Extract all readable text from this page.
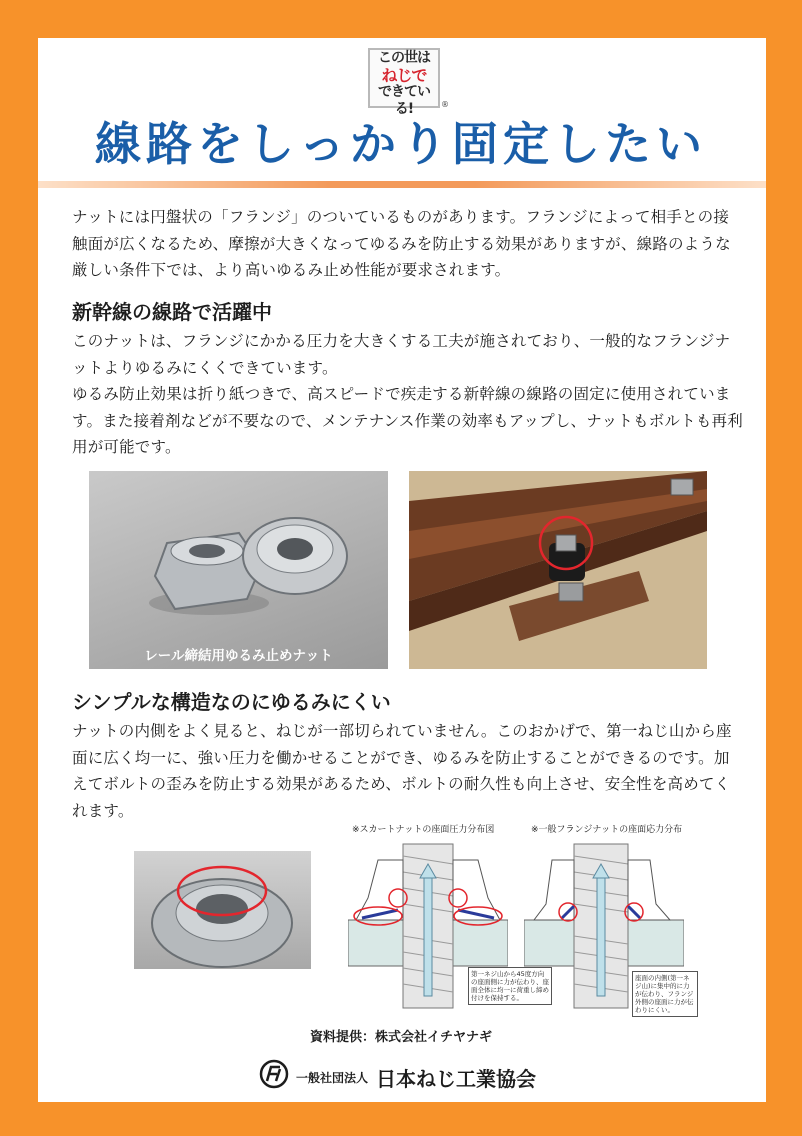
この世は
ねじで
できている!	®
線路をしっかり固定したい

ナットには円盤状の「フランジ」のついているものがあります。フランジによって相手との接触面が広くなるため、摩擦が大きくなってゆるみを防止する効果がありますが、線路のような厳しい条件下では、より高いゆるみ止め性能が要求されます。

新幹線の線路で活躍中

このナットは、フランジにかかる圧力を大きくする工夫が施されており、一般的なフランジナットよりゆるみにくくできています。

ゆるみ防止効果は折り紙つきで、高スピードで疾走する新幹線の線路の固定に使用されています。また接着剤などが不要なので、メンテナンス作業の効率もアップし、ナットもボルトも再利用が可能です。

レール締結用ゆるみ止めナット
シンプルな構造なのにゆるみにくい

ナットの内側をよく見ると、ねじが一部切られていません。このおかげで、第一ねじ山から座面に広く均一に、強い圧力を働かせることができ、ゆるみを防止することができるのです。加えてボルトの歪みを防止する効果があるため、ボルトの耐久性も向上させ、安全性を高めてくれます。

※スカートナットの座面圧力分布図
第一ネジ山から45度方向の座面側に力が伝わり、座面全体に均一に荷重し締め付けを保持する。
※一般フランジナットの座面応力分布
座面の内側(第一ネジ山)に集中的に力が伝わり、フランジ外側の座面に力が伝わりにくい。
資料提供：株式会社イチヤナギ
一般社団法人 日本ねじ工業協会
